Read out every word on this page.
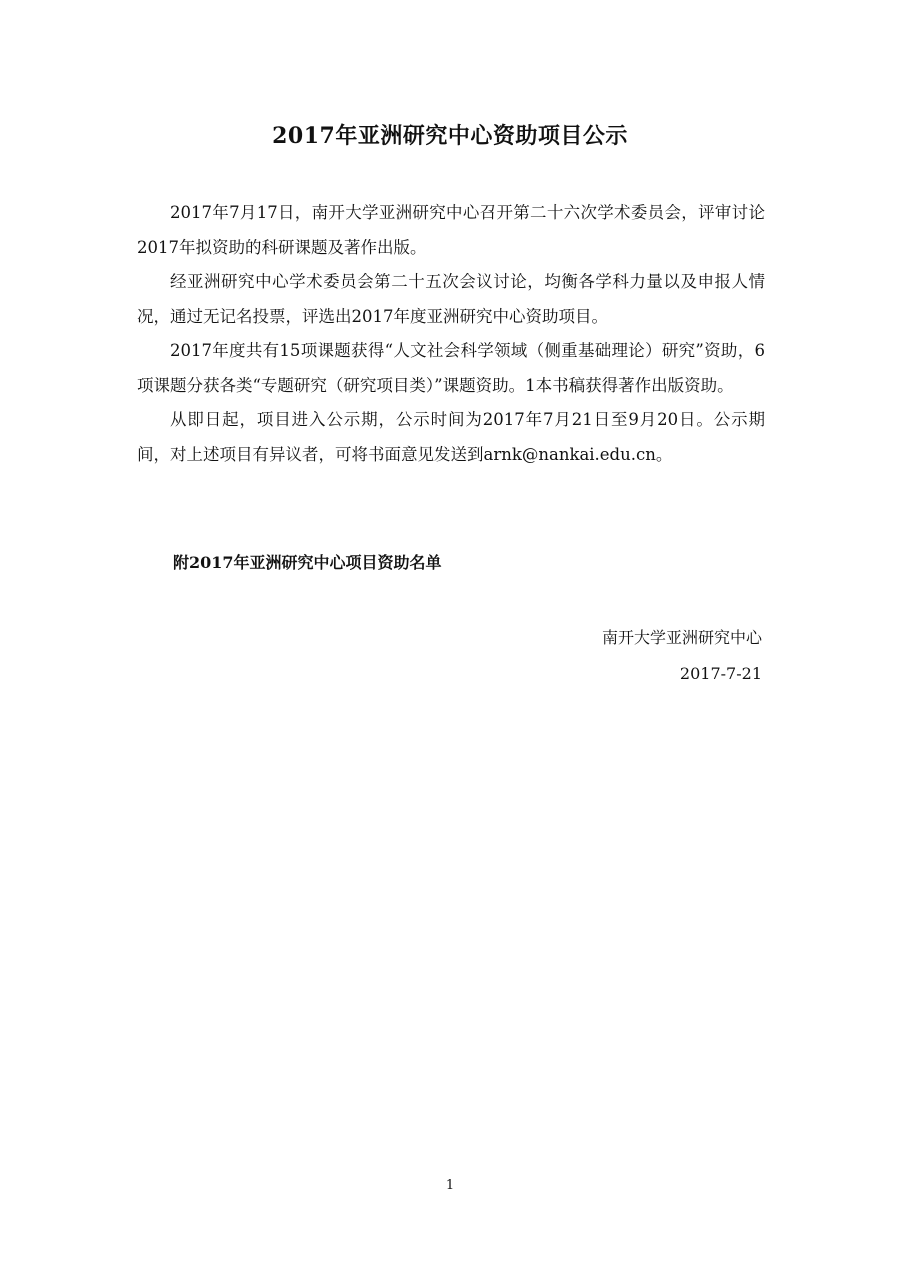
2017年亚洲研究中心资助项目公示

2017年7月17日，南开大学亚洲研究中心召开第二十六次学术委员会，评审讨论2017年拟资助的科研课题及著作出版。

经亚洲研究中心学术委员会第二十五次会议讨论，均衡各学科力量以及申报人情况，通过无记名投票，评选出2017年度亚洲研究中心资助项目。

2017年度共有15项课题获得“人文社会科学领域（侧重基础理论）研究”资助，6项课题分获各类“专题研究（研究项目类）”课题资助。1本书稿获得著作出版资助。

从即日起，项目进入公示期，公示时间为2017年7月21日至9月20日。公示期间，对上述项目有异议者，可将书面意见发送到arnk@nankai.edu.cn。

附2017年亚洲研究中心项目资助名单
南开大学亚洲研究中心
2017-7-21
1
